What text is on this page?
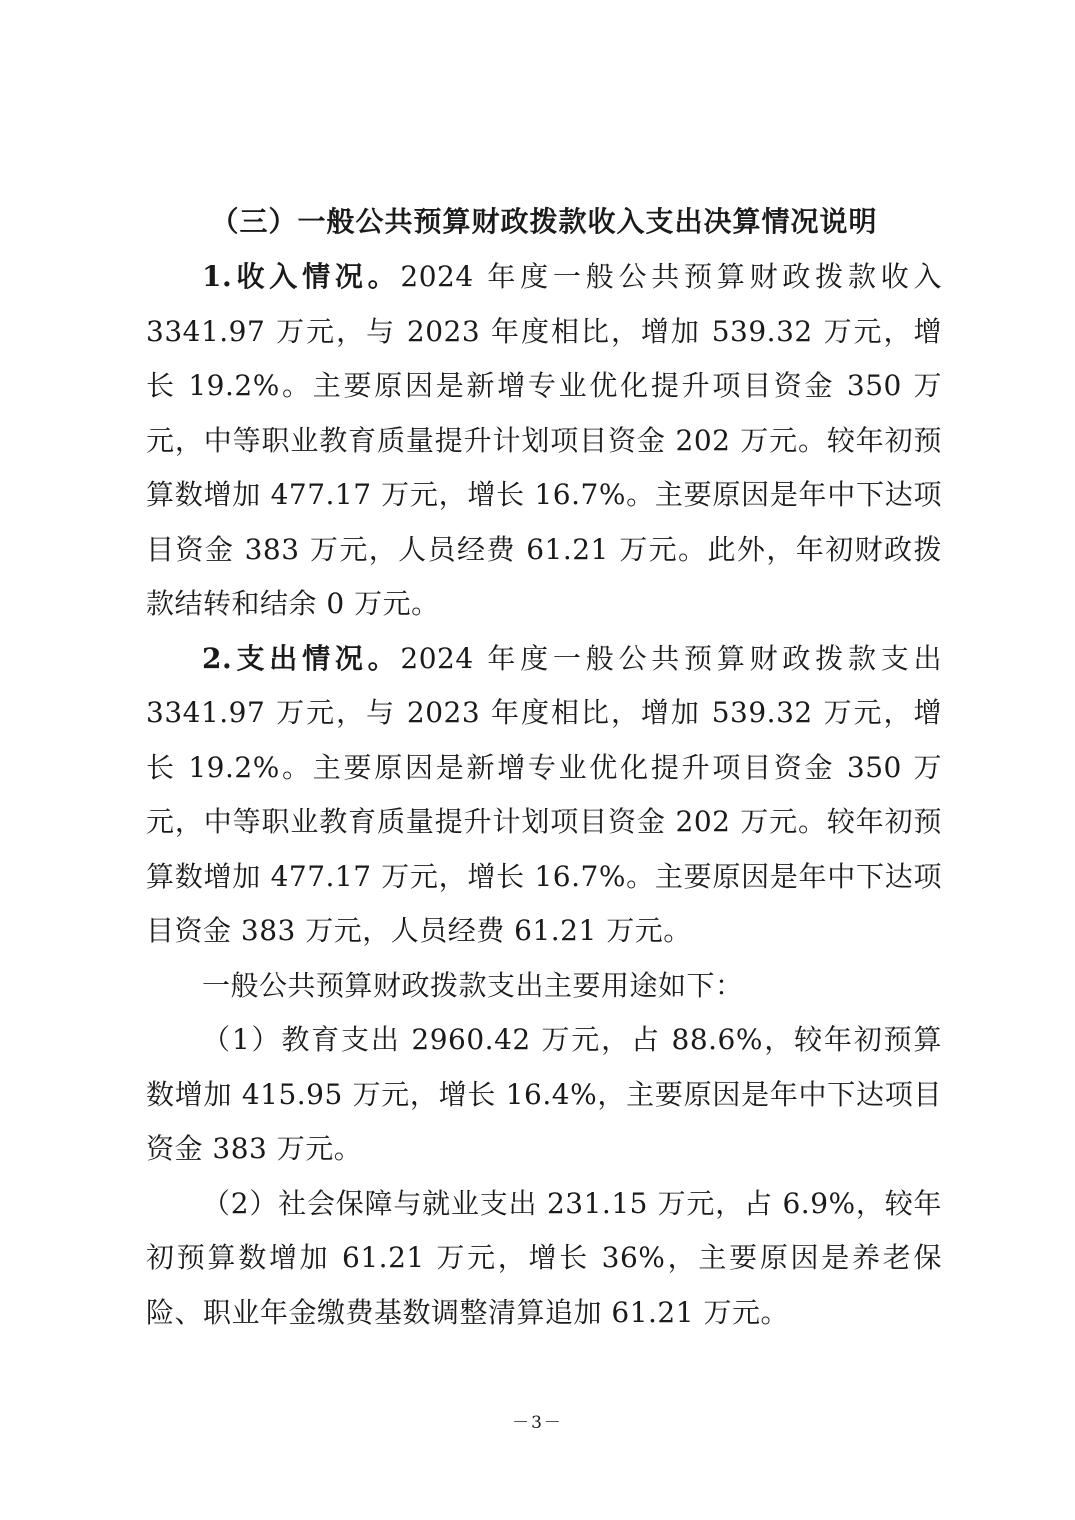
（三）一般公共预算财政拨款收入支出决算情况说明

1.收入情况。2024 年度一般公共预算财政拨款收入 3341.97 万元，与 2023 年度相比，增加 539.32 万元，增长 19.2%。主要原因是新增专业优化提升项目资金 350 万元，中等职业教育质量提升计划项目资金 202 万元。较年初预算数增加 477.17 万元，增长 16.7%。主要原因是年中下达项目资金 383 万元，人员经费 61.21 万元。此外，年初财政拨款结转和结余 0 万元。

2.支出情况。2024 年度一般公共预算财政拨款支出 3341.97 万元，与 2023 年度相比，增加 539.32 万元，增长 19.2%。主要原因是新增专业优化提升项目资金 350 万元，中等职业教育质量提升计划项目资金 202 万元。较年初预算数增加 477.17 万元，增长 16.7%。主要原因是年中下达项目资金 383 万元，人员经费 61.21 万元。

一般公共预算财政拨款支出主要用途如下：

（1）教育支出 2960.42 万元，占 88.6%，较年初预算数增加 415.95 万元，增长 16.4%，主要原因是年中下达项目资金 383 万元。

（2）社会保障与就业支出 231.15 万元，占 6.9%，较年初预算数增加 61.21 万元，增长 36%，主要原因是养老保险、职业年金缴费基数调整清算追加 61.21 万元。

－3－
